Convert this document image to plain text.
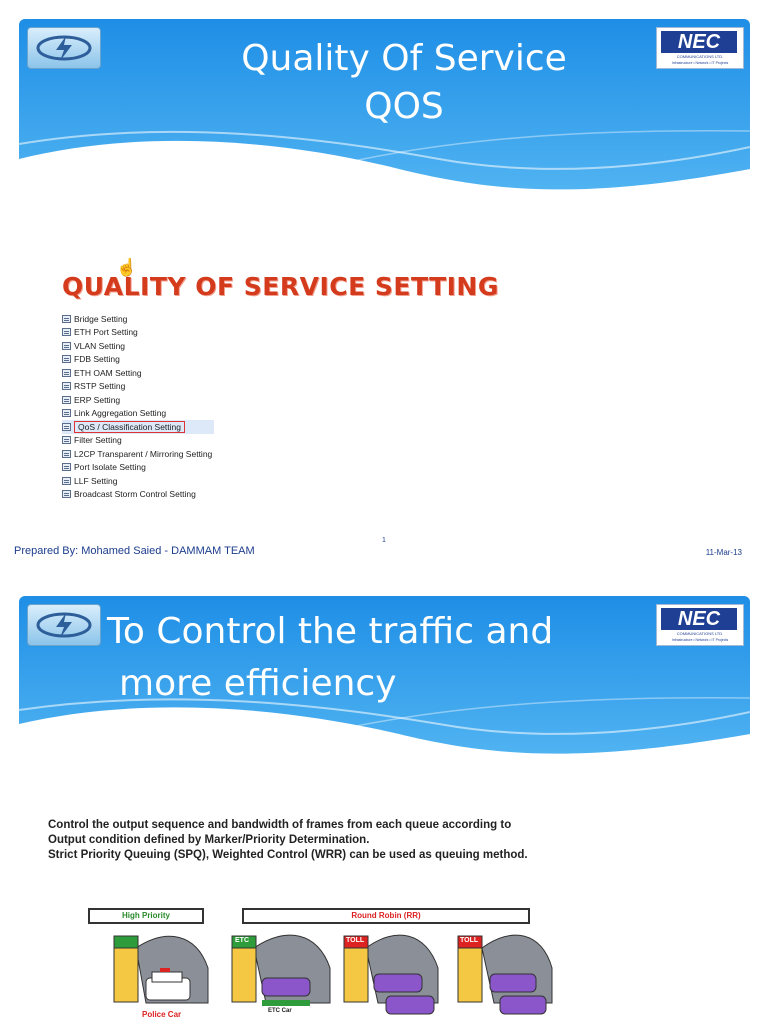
Quality Of Service
QOS
NEC
COMMUNICATIONS LTD.
Infrastructure • Network • IT Projects
☝
QUALITY OF SERVICE SETTING
Bridge Setting
ETH Port Setting
VLAN Setting
FDB Setting
ETH OAM Setting
RSTP Setting
ERP Setting
Link Aggregation Setting
QoS / Classification Setting
Filter Setting
L2CP Transparent / Mirroring Setting
Port Isolate Setting
LLF Setting
Broadcast Storm Control Setting
Prepared By: Mohamed Saied - DAMMAM TEAM
1
11-Mar-13
To Control the traffic and
more efficiency
NEC
COMMUNICATIONS LTD.
Infrastructure • Network • IT Projects
Control the output sequence and bandwidth of frames from each queue according to
Output condition defined by Marker/Priority Determination.
Strict Priority Queuing (SPQ), Weighted Control (WRR) can be used as queuing method.
High Priority	Round Robin (RR)
ETC	TOLL	TOLL
Police Car	ETC Car
